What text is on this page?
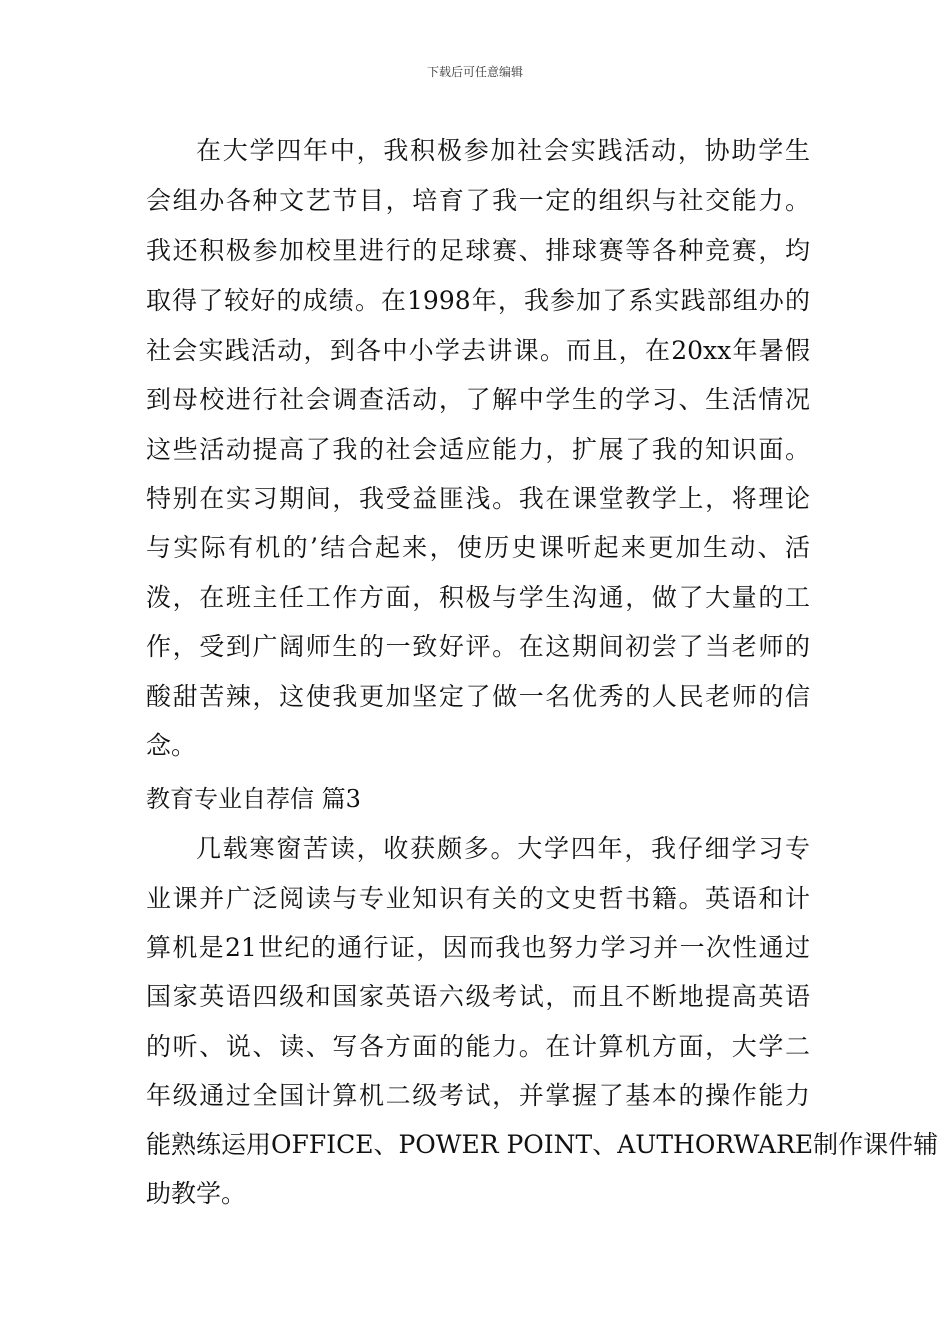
下载后可任意编辑
在大学四年中，我积极参加社会实践活动，协助学生
会组办各种文艺节目，培育了我一定的组织与社交能力。
我还积极参加校里进行的足球赛、排球赛等各种竞赛，均
取得了较好的成绩。在1998年，我参加了系实践部组办的
社会实践活动，到各中小学去讲课。而且，在20xx年暑假
到母校进行社会调查活动，了解中学生的学习、生活情况
这些活动提高了我的社会适应能力，扩展了我的知识面。
特别在实习期间，我受益匪浅。我在课堂教学上，将理论
与实际有机的’结合起来，使历史课听起来更加生动、活
泼，在班主任工作方面，积极与学生沟通，做了大量的工
作，受到广阔师生的一致好评。在这期间初尝了当老师的
酸甜苦辣，这使我更加坚定了做一名优秀的人民老师的信
念。
教育专业自荐信 篇3
几载寒窗苦读，收获颇多。大学四年，我仔细学习专
业课并广泛阅读与专业知识有关的文史哲书籍。英语和计
算机是21世纪的通行证，因而我也努力学习并一次性通过
国家英语四级和国家英语六级考试，而且不断地提高英语
的听、说、读、写各方面的能力。在计算机方面，大学二
年级通过全国计算机二级考试，并掌握了基本的操作能力
能熟练运用OFFICE、POWER POINT、AUTHORWARE制作课件辅
助教学。
